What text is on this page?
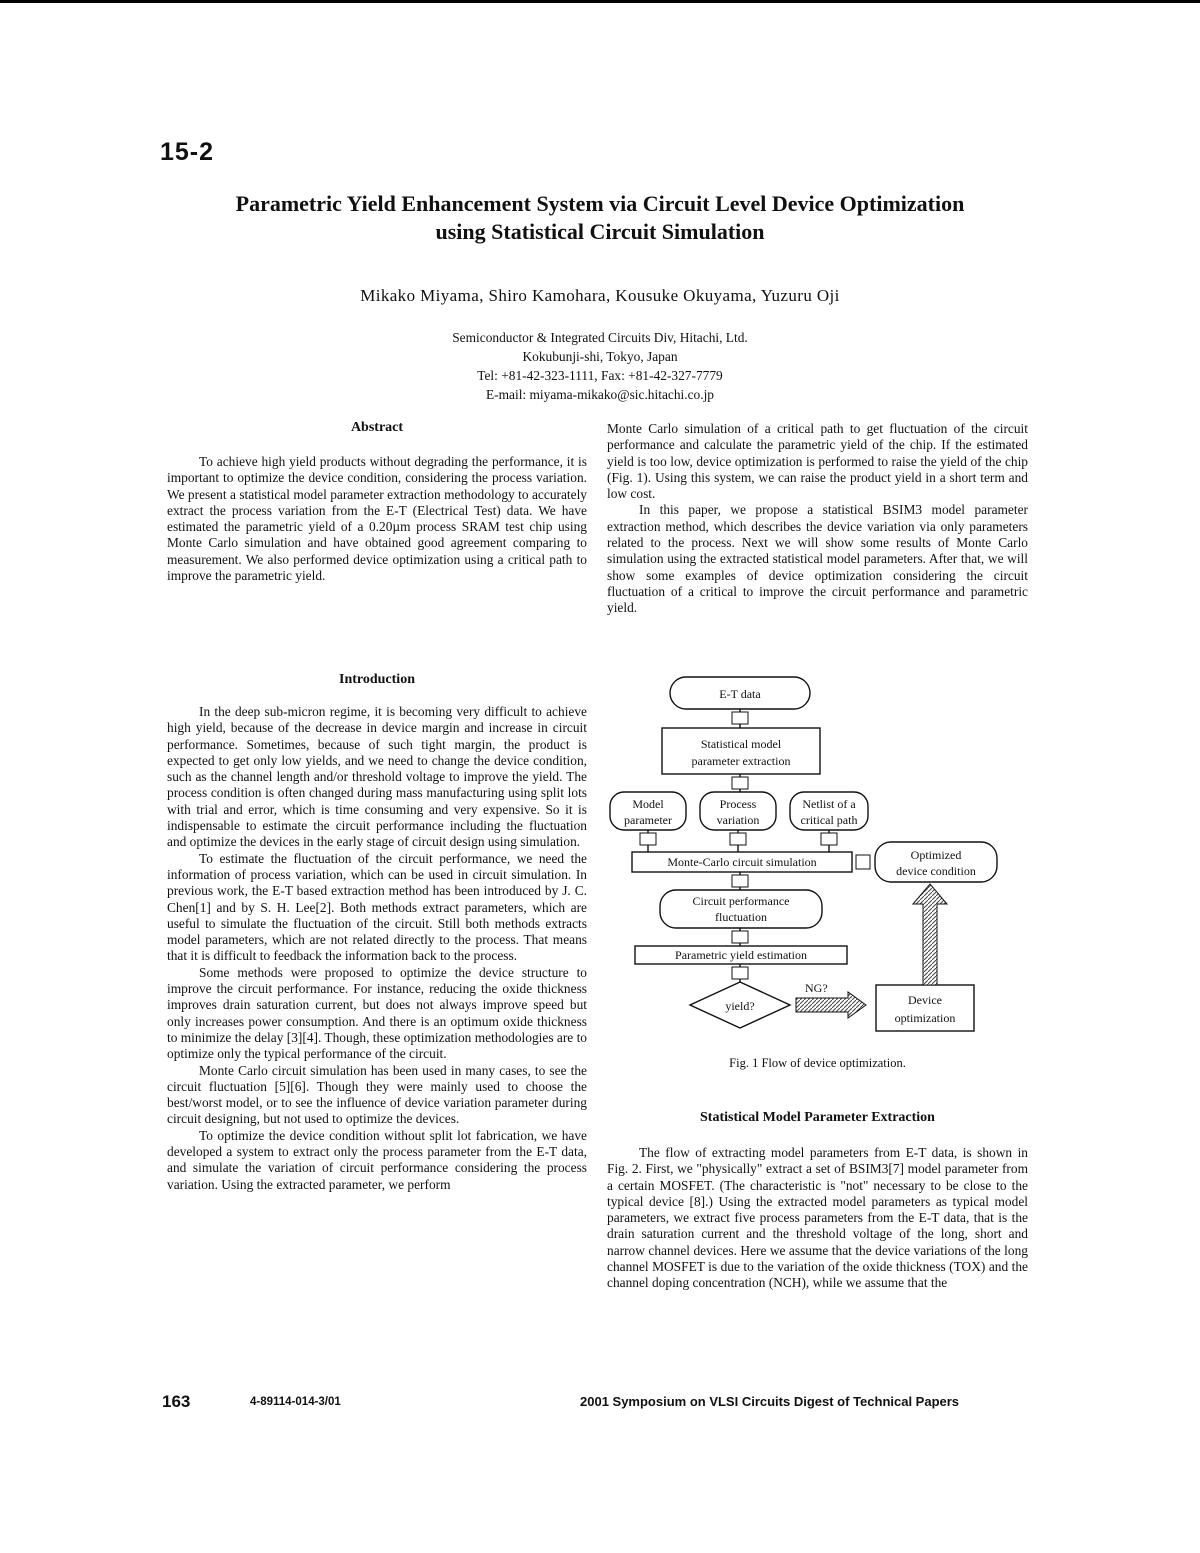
15-2
Parametric Yield Enhancement System via Circuit Level Device Optimization
using Statistical Circuit Simulation
Mikako Miyama, Shiro Kamohara, Kousuke Okuyama, Yuzuru Oji
Semiconductor & Integrated Circuits Div, Hitachi, Ltd.
Kokubunji-shi, Tokyo, Japan
Tel: +81-42-323-1111, Fax: +81-42-327-7779
E-mail: miyama-mikako@sic.hitachi.co.jp
Abstract

To achieve high yield products without degrading the performance, it is important to optimize the device condition, considering the process variation. We present a statistical model parameter extraction methodology to accurately extract the process variation from the E-T (Electrical Test) data. We have estimated the parametric yield of a 0.20µm process SRAM test chip using Monte Carlo simulation and have obtained good agreement comparing to measurement. We also performed device optimization using a critical path to improve the parametric yield.

Introduction

In the deep sub-micron regime, it is becoming very difficult to achieve high yield, because of the decrease in device margin and increase in circuit performance. Sometimes, because of such tight margin, the product is expected to get only low yields, and we need to change the device condition, such as the channel length and/or threshold voltage to improve the yield. The process condition is often changed during mass manufacturing using split lots with trial and error, which is time consuming and very expensive. So it is indispensable to estimate the circuit performance including the fluctuation and optimize the devices in the early stage of circuit design using simulation.

To estimate the fluctuation of the circuit performance, we need the information of process variation, which can be used in circuit simulation. In previous work, the E-T based extraction method has been introduced by J. C. Chen[1] and by S. H. Lee[2]. Both methods extract parameters, which are useful to simulate the fluctuation of the circuit. Still both methods extracts model parameters, which are not related directly to the process. That means that it is difficult to feedback the information back to the process.

Some methods were proposed to optimize the device structure to improve the circuit performance. For instance, reducing the oxide thickness improves drain saturation current, but does not always improve speed but only increases power consumption. And there is an optimum oxide thickness to minimize the delay [3][4]. Though, these optimization methodologies are to optimize only the typical performance of the circuit.

Monte Carlo circuit simulation has been used in many cases, to see the circuit fluctuation [5][6]. Though they were mainly used to choose the best/worst model, or to see the influence of device variation parameter during circuit designing, but not used to optimize the devices.

To optimize the device condition without split lot fabrication, we have developed a system to extract only the process parameter from the E-T data, and simulate the variation of circuit performance considering the process variation. Using the extracted parameter, we perform

Monte Carlo simulation of a critical path to get fluctuation of the circuit performance and calculate the parametric yield of the chip. If the estimated yield is too low, device optimization is performed to raise the yield of the chip (Fig. 1). Using this system, we can raise the product yield in a short term and low cost.

In this paper, we propose a statistical BSIM3 model parameter extraction method, which describes the device variation via only parameters related to the process. Next we will show some results of Monte Carlo simulation using the extracted statistical model parameters. After that, we will show some examples of device optimization considering the circuit fluctuation of a critical to improve the circuit performance and parametric yield.

E-T data
Statistical model
parameter extraction
Model
parameter
Process
variation
Netlist of a
critical path
Monte-Carlo circuit simulation	Optimized
device condition
Circuit performance
fluctuation
Parametric yield estimation
yield?
NG?
Device
optimization
Fig. 1 Flow of device optimization.
Statistical Model Parameter Extraction

The flow of extracting model parameters from E-T data, is shown in Fig. 2. First, we "physically" extract a set of BSIM3[7] model parameter from a certain MOSFET. (The characteristic is "not" necessary to be close to the typical device [8].) Using the extracted model parameters as typical model parameters, we extract five process parameters from the E-T data, that is the drain saturation current and the threshold voltage of the long, short and narrow channel devices. Here we assume that the device variations of the long channel MOSFET is due to the variation of the oxide thickness (TOX) and the channel doping concentration (NCH), while we assume that the

163	4-89114-014-3/01	2001 Symposium on VLSI Circuits Digest of Technical Papers
